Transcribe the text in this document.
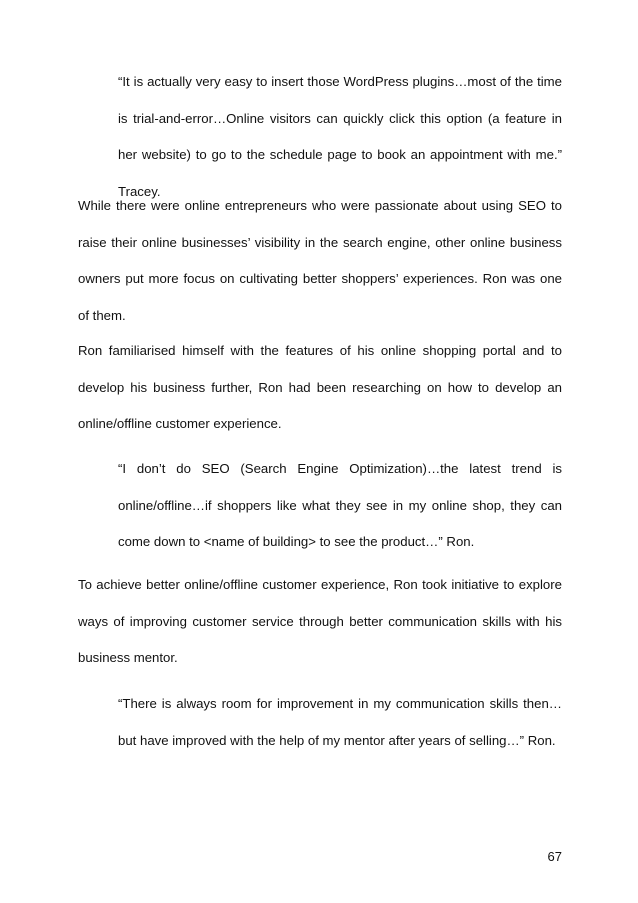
“It is actually very easy to insert those WordPress plugins…most of the time is trial-and-error…Online visitors can quickly click this option (a feature in her website) to go to the schedule page to book an appointment with me.” Tracey.

While there were online entrepreneurs who were passionate about using SEO to raise their online businesses’ visibility in the search engine, other online business owners put more focus on cultivating better shoppers’ experiences. Ron was one of them.

Ron familiarised himself with the features of his online shopping portal and to develop his business further, Ron had been researching on how to develop an online/offline customer experience.

“I don’t do SEO (Search Engine Optimization)…the latest trend is online/offline…if shoppers like what they see in my online shop, they can come down to <name of building> to see the product…” Ron.

To achieve better online/offline customer experience, Ron took initiative to explore ways of improving customer service through better communication skills with his business mentor.

“There is always room for improvement in my communication skills then…but have improved with the help of my mentor after years of selling…” Ron.

67
